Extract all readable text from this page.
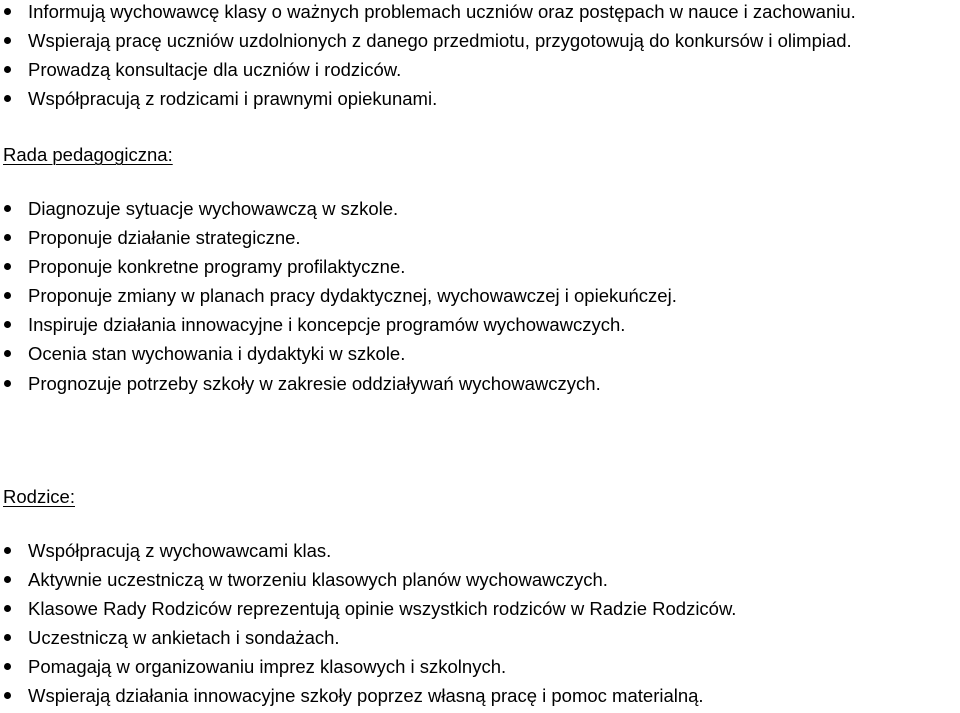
Informują wychowawcę klasy o ważnych problemach uczniów oraz postępach w nauce i zachowaniu.
Wspierają pracę uczniów uzdolnionych z danego przedmiotu, przygotowują do konkursów i olimpiad.
Prowadzą konsultacje dla uczniów i rodziców.
Współpracują z rodzicami i prawnymi opiekunami.
Rada pedagogiczna:
Diagnozuje sytuacje wychowawczą w szkole.
Proponuje działanie strategiczne.
Proponuje konkretne programy profilaktyczne.
Proponuje zmiany w planach pracy dydaktycznej, wychowawczej i opiekuńczej.
Inspiruje działania innowacyjne i koncepcje programów wychowawczych.
Ocenia stan wychowania i dydaktyki w szkole.
Prognozuje potrzeby szkoły w zakresie oddziaływań wychowawczych.
Rodzice:
Współpracują z wychowawcami klas.
Aktywnie uczestniczą w tworzeniu klasowych planów wychowawczych.
Klasowe Rady Rodziców reprezentują opinie wszystkich rodziców w Radzie Rodziców.
Uczestniczą w ankietach i sondażach.
Pomagają w organizowaniu imprez klasowych i szkolnych.
Wspierają działania innowacyjne szkoły poprzez własną pracę i pomoc materialną.
